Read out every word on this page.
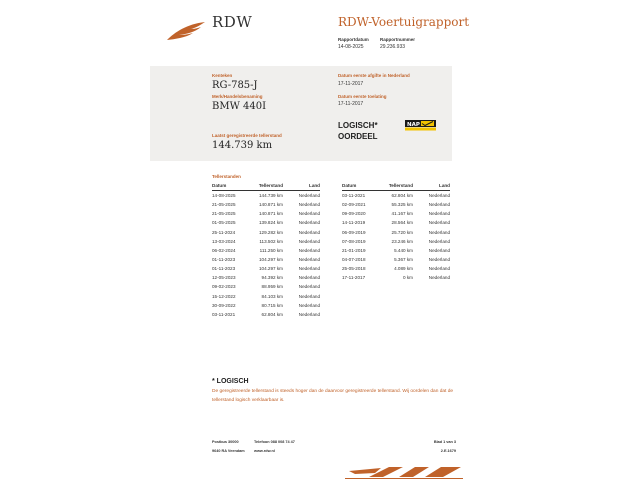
RDW	RDW-Voertuigrapport
Rapportdatum
14-08-2025
Rapportnummer
29.236.933
Kenteken
RG-785-J
Merk/Handelsbenaming
BMW 440I
Laatst geregistreerde tellerstand
144.739 km
Datum eerste afgifte in Nederland
17-11-2017
Datum eerste toelating
17-11-2017
LOGISCH*
OORDEEL
NAP
Tellerstanden
Datum	Tellerstand	Land
14-08-2025	144.739 km	Nederland
21-05-2025	140.871 km	Nederland
21-05-2025	140.871 km	Nederland
01-05-2025	139.824 km	Nederland
25-11-2024	129.282 km	Nederland
13-03-2024	113.502 km	Nederland
06-02-2024	111.250 km	Nederland
01-11-2023	104.297 km	Nederland
01-11-2023	104.297 km	Nederland
12-05-2023	94.392 km	Nederland
09-02-2023	88.959 km	Nederland
15-12-2022	84.103 km	Nederland
30-09-2022	80.715 km	Nederland
03-11-2021	62.804 km	Nederland
Datum	Tellerstand	Land
03-11-2021	62.804 km	Nederland
02-09-2021	55.325 km	Nederland
09-09-2020	41.167 km	Nederland
14-11-2019	28.564 km	Nederland
06-09-2019	25.720 km	Nederland
07-08-2019	23.246 km	Nederland
21-01-2019	5.440 km	Nederland
04-07-2018	5.367 km	Nederland
25-05-2018	4.089 km	Nederland
17-11-2017	0 km	Nederland
* LOGISCH
De geregistreerde tellerstand is steeds hoger dan de daarvoor geregistreerde tellerstand. Wij oordelen dan dat de tellerstand logisch verklaarbaar is.
Postbus 30000
9640 RA Veendam
Telefoon 088 008 74 47
www.rdw.nl
Blad 1 van 3
2.E.1679
